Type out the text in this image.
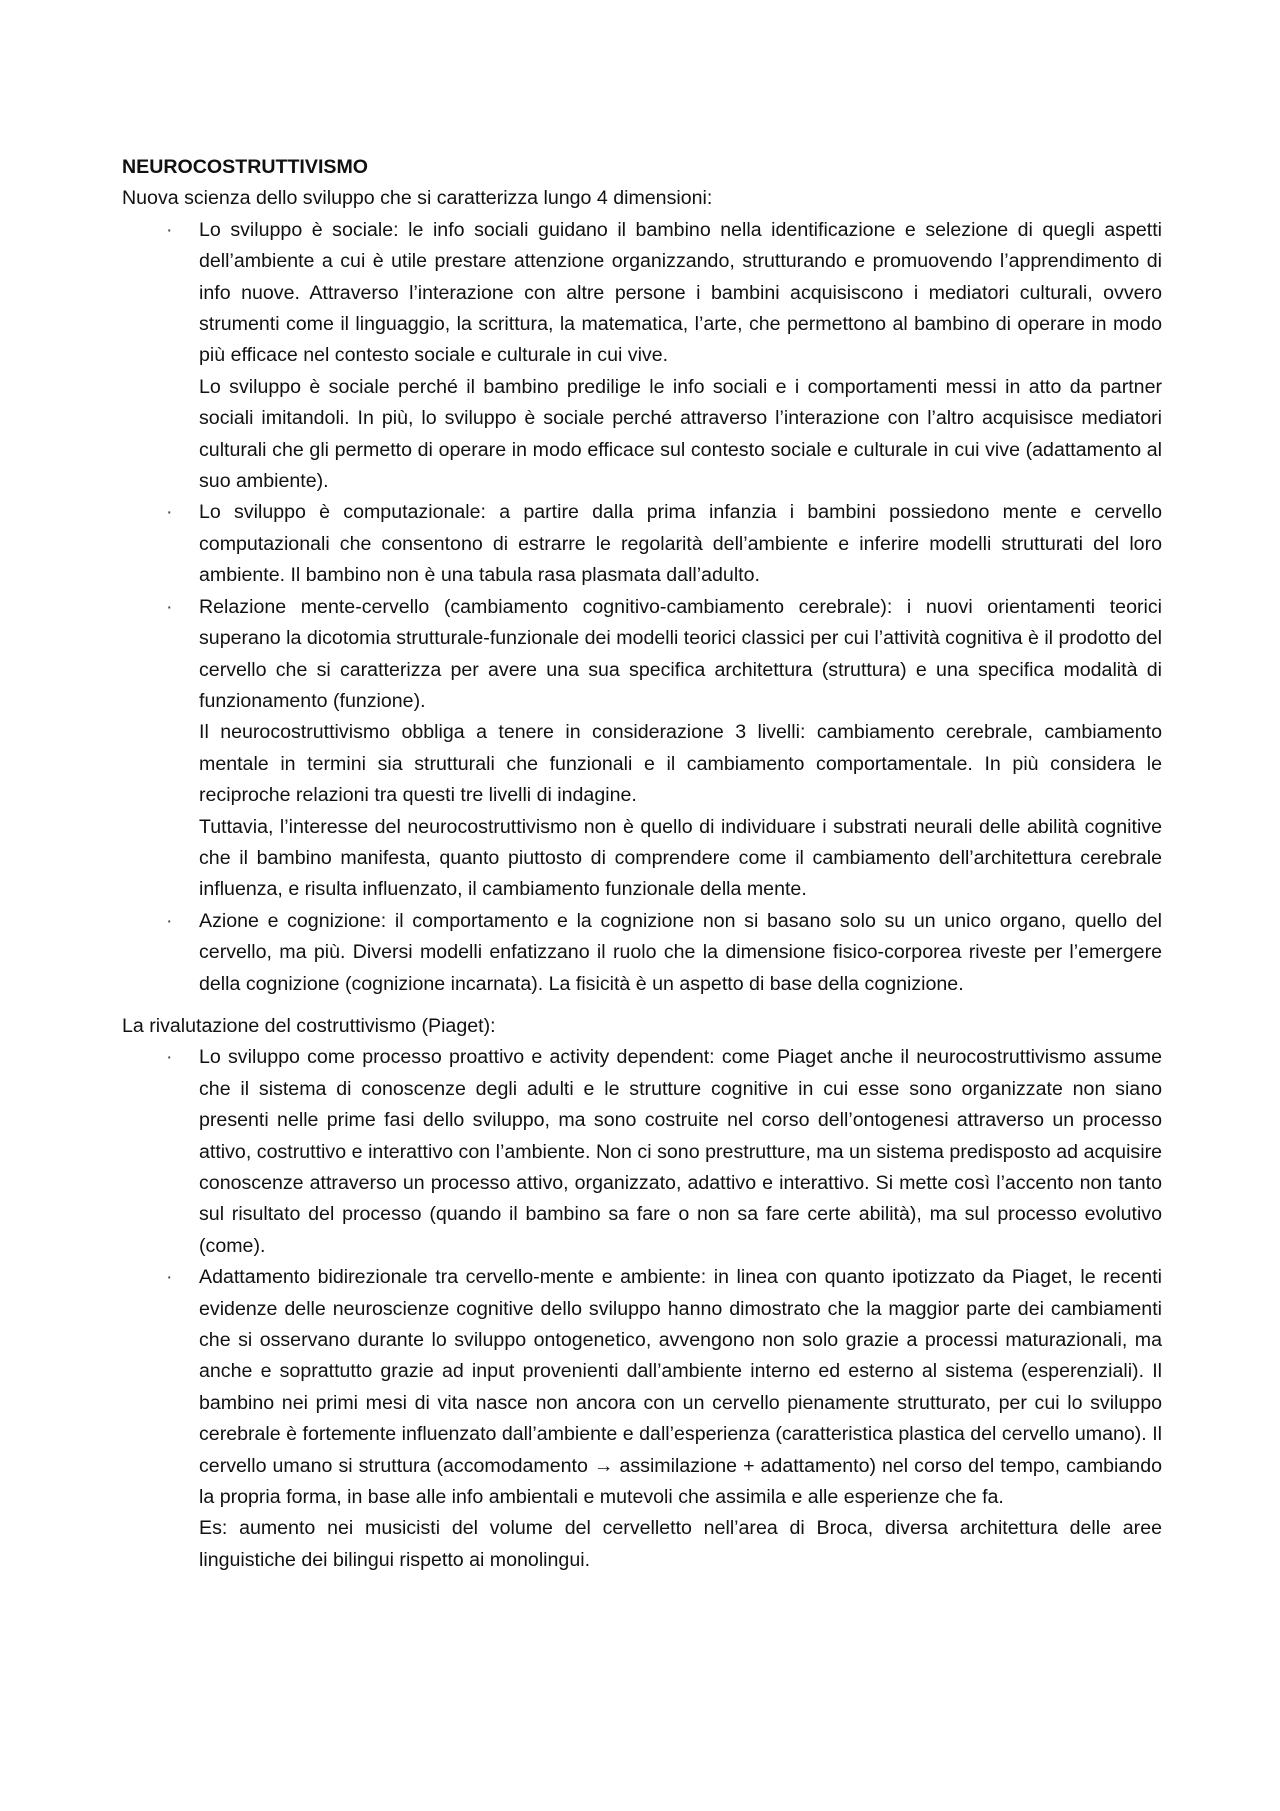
NEUROCOSTRUTTIVISMO

Nuova scienza dello sviluppo che si caratterizza lungo 4 dimensioni:

· Lo sviluppo è sociale: le info sociali guidano il bambino nella identificazione e selezione di quegli aspetti dell’ambiente a cui è utile prestare attenzione organizzando, strutturando e promuovendo l’apprendimento di info nuove. Attraverso l’interazione con altre persone i bambini acquisiscono i mediatori culturali, ovvero strumenti come il linguaggio, la scrittura, la matematica, l’arte, che permettono al bambino di operare in modo più efficace nel contesto sociale e culturale in cui vive.

Lo sviluppo è sociale perché il bambino predilige le info sociali e i comportamenti messi in atto da partner sociali imitandoli. In più, lo sviluppo è sociale perché attraverso l’interazione con l’altro acquisisce mediatori culturali che gli permetto di operare in modo efficace sul contesto sociale e culturale in cui vive (adattamento al suo ambiente).

· Lo sviluppo è computazionale: a partire dalla prima infanzia i bambini possiedono mente e cervello computazionali che consentono di estrarre le regolarità dell’ambiente e inferire modelli strutturati del loro ambiente. Il bambino non è una tabula rasa plasmata dall’adulto.

· Relazione mente-cervello (cambiamento cognitivo-cambiamento cerebrale): i nuovi orientamenti teorici superano la dicotomia strutturale-funzionale dei modelli teorici classici per cui l’attività cognitiva è il prodotto del cervello che si caratterizza per avere una sua specifica architettura (struttura) e una specifica modalità di funzionamento (funzione).

Il neurocostruttivismo obbliga a tenere in considerazione 3 livelli: cambiamento cerebrale, cambiamento mentale in termini sia strutturali che funzionali e il cambiamento comportamentale. In più considera le reciproche relazioni tra questi tre livelli di indagine.

Tuttavia, l’interesse del neurocostruttivismo non è quello di individuare i substrati neurali delle abilità cognitive che il bambino manifesta, quanto piuttosto di comprendere come il cambiamento dell’architettura cerebrale influenza, e risulta influenzato, il cambiamento funzionale della mente.

· Azione e cognizione: il comportamento e la cognizione non si basano solo su un unico organo, quello del cervello, ma più. Diversi modelli enfatizzano il ruolo che la dimensione fisico-corporea riveste per l’emergere della cognizione (cognizione incarnata). La fisicità è un aspetto di base della cognizione.

La rivalutazione del costruttivismo (Piaget):

· Lo sviluppo come processo proattivo e activity dependent: come Piaget anche il neurocostruttivismo assume che il sistema di conoscenze degli adulti e le strutture cognitive in cui esse sono organizzate non siano presenti nelle prime fasi dello sviluppo, ma sono costruite nel corso dell’ontogenesi attraverso un processo attivo, costruttivo e interattivo con l’ambiente. Non ci sono prestrutture, ma un sistema predisposto ad acquisire conoscenze attraverso un processo attivo, organizzato, adattivo e interattivo. Si mette così l’accento non tanto sul risultato del processo (quando il bambino sa fare o non sa fare certe abilità), ma sul processo evolutivo (come).

· Adattamento bidirezionale tra cervello-mente e ambiente: in linea con quanto ipotizzato da Piaget, le recenti evidenze delle neuroscienze cognitive dello sviluppo hanno dimostrato che la maggior parte dei cambiamenti che si osservano durante lo sviluppo ontogenetico, avvengono non solo grazie a processi maturazionali, ma anche e soprattutto grazie ad input provenienti dall’ambiente interno ed esterno al sistema (esperenziali). Il bambino nei primi mesi di vita nasce non ancora con un cervello pienamente strutturato, per cui lo sviluppo cerebrale è fortemente influenzato dall’ambiente e dall’esperienza (caratteristica plastica del cervello umano). Il cervello umano si struttura (accomodamento → assimilazione + adattamento) nel corso del tempo, cambiando la propria forma, in base alle info ambientali e mutevoli che assimila e alle esperienze che fa.

Es: aumento nei musicisti del volume del cervelletto nell’area di Broca, diversa architettura delle aree linguistiche dei bilingui rispetto ai monolingui.
